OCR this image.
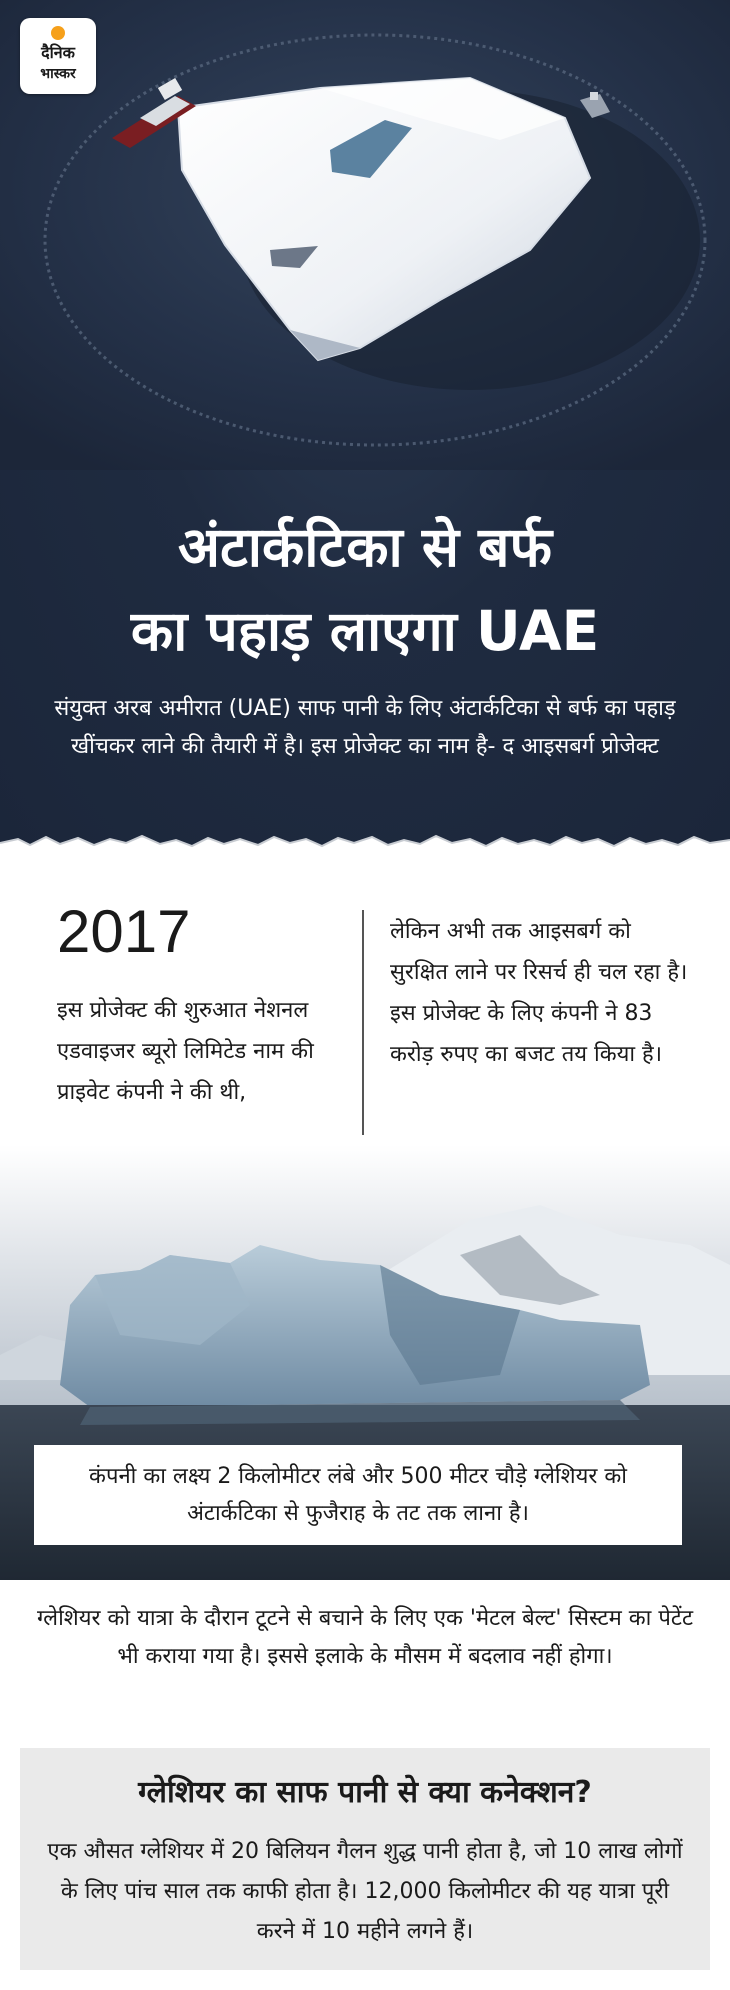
दैनिक
भास्कर
अंटार्कटिका से बर्फ
का पहाड़ लाएगा UAE

संयुक्त अरब अमीरात (UAE) साफ पानी के लिए अंटार्कटिका से बर्फ का पहाड़ खींचकर लाने की तैयारी में है। इस प्रोजेक्ट का नाम है- द आइसबर्ग प्रोजेक्ट

2017

इस प्रोजेक्ट की शुरुआत नेशनल एडवाइजर ब्यूरो लिमिटेड नाम की प्राइवेट कंपनी ने की थी,

लेकिन अभी तक आइसबर्ग को सुरक्षित लाने पर रिसर्च ही चल रहा है। इस प्रोजेक्ट के लिए कंपनी ने 83 करोड़ रुपए का बजट तय किया है।

कंपनी का लक्ष्य 2 किलोमीटर लंबे और 500 मीटर चौड़े ग्लेशियर को अंटार्कटिका से फुजैराह के तट तक लाना है।

ग्लेशियर को यात्रा के दौरान टूटने से बचाने के लिए एक 'मेटल बेल्ट' सिस्टम का पेटेंट भी कराया गया है। इससे इलाके के मौसम में बदलाव नहीं होगा।

ग्लेशियर का साफ पानी से क्या कनेक्शन?

एक औसत ग्लेशियर में 20 बिलियन गैलन शुद्ध पानी होता है, जो 10 लाख लोगों के लिए पांच साल तक काफी होता है। 12,000 किलोमीटर की यह यात्रा पूरी करने में 10 महीने लगने हैं।
